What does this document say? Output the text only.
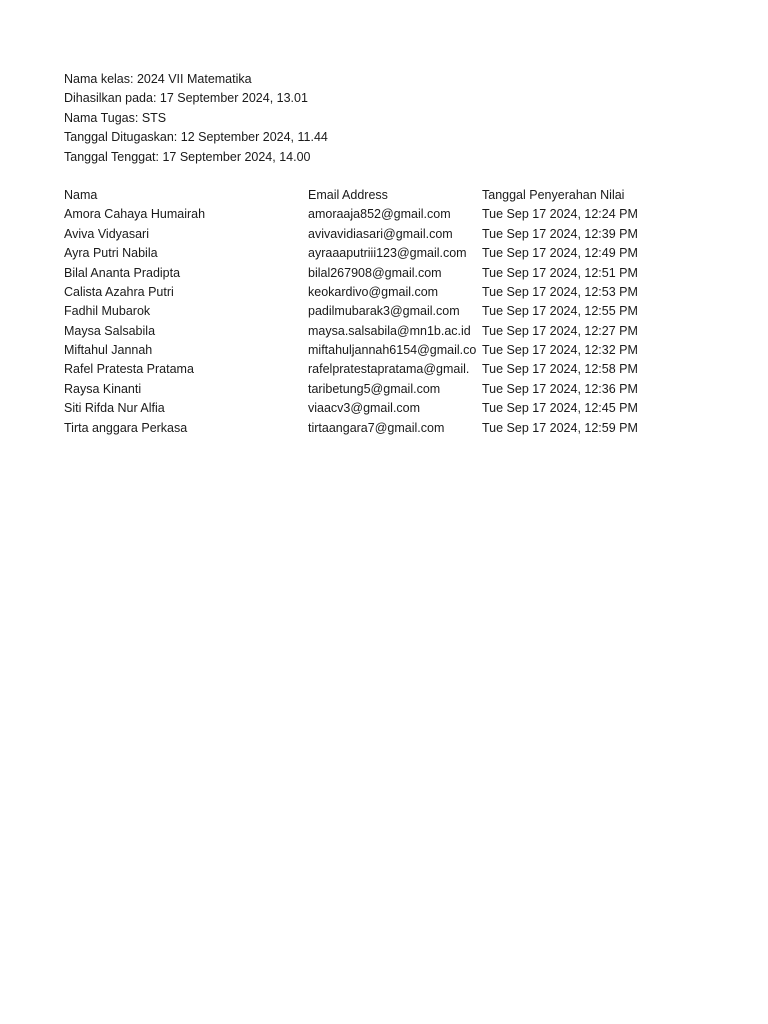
Nama kelas: 2024 VII Matematika
Dihasilkan pada: 17 September 2024, 13.01
Nama Tugas: STS
Tanggal Ditugaskan: 12 September 2024, 11.44
Tanggal Tenggat: 17 September 2024, 14.00
Nama	Email Address	Tanggal Penyerahan Nilai
Amora Cahaya Humairah	amoraaja852@gmail.com	Tue Sep 17 2024, 12:24 PM
Aviva Vidyasari	avivavidiasari@gmail.com	Tue Sep 17 2024, 12:39 PM
Ayra Putri Nabila	ayraaaputriii123@gmail.com	Tue Sep 17 2024, 12:49 PM
Bilal Ananta Pradipta	bilal267908@gmail.com	Tue Sep 17 2024, 12:51 PM
Calista Azahra Putri	keokardivo@gmail.com	Tue Sep 17 2024, 12:53 PM
Fadhil Mubarok	padilmubarak3@gmail.com	Tue Sep 17 2024, 12:55 PM
Maysa Salsabila	maysa.salsabila@mn1b.ac.id Tue Sep 17 2024, 12:27 PM
Miftahul Jannah	miftahuljannah6154@gmail.co Tue Sep 17 2024, 12:32 PM
Rafel Pratesta Pratama	rafelpratestapratama@gmail.	Tue Sep 17 2024, 12:58 PM
Raysa Kinanti	taribetung5@gmail.com	Tue Sep 17 2024, 12:36 PM
Siti Rifda Nur Alfia	viaacv3@gmail.com	Tue Sep 17 2024, 12:45 PM
Tirta anggara Perkasa	tirtaangara7@gmail.com	Tue Sep 17 2024, 12:59 PM
